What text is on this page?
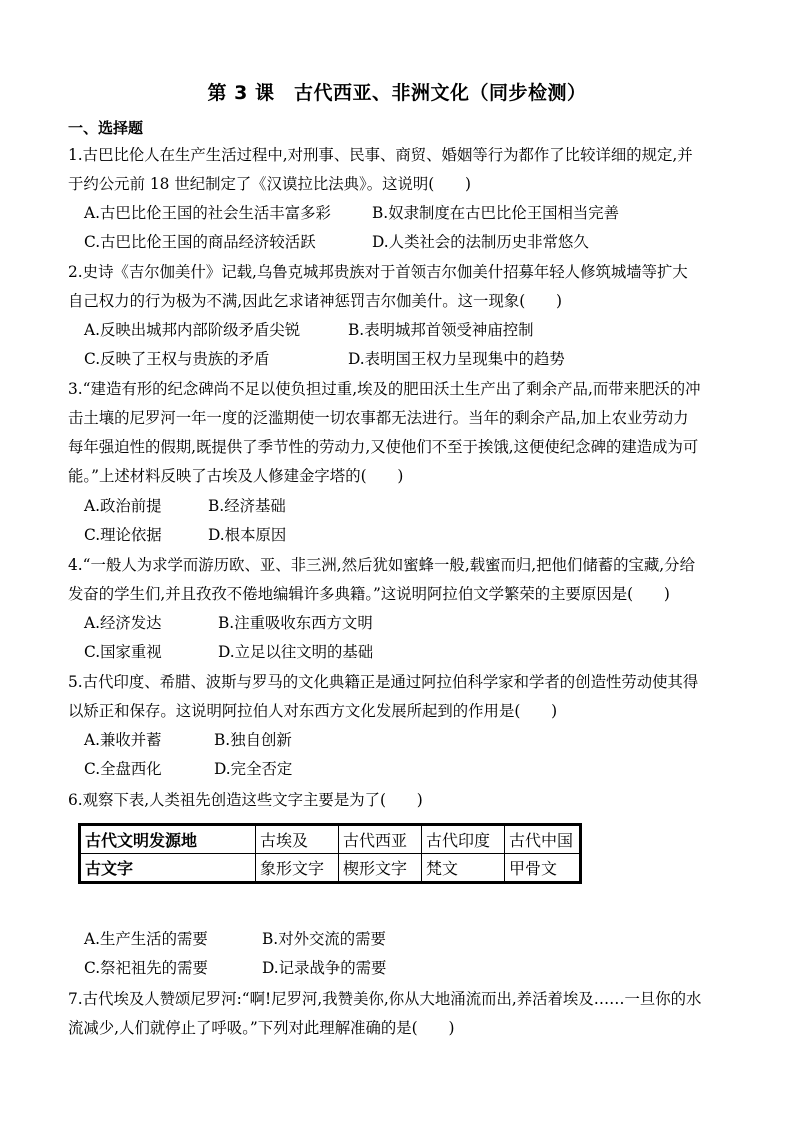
第 3 课　古代西亚、非洲文化（同步检测）
一、选择题
1.古巴比伦人在生产生活过程中,对刑事、民事、商贸、婚姻等行为都作了比较详细的规定,并
于约公元前 18 世纪制定了《汉谟拉比法典》。这说明(　　)
A.古巴比伦王国的社会生活丰富多彩	B.奴隶制度在古巴比伦王国相当完善
C.古巴比伦王国的商品经济较活跃	D.人类社会的法制历史非常悠久
2.史诗《吉尔伽美什》记载,乌鲁克城邦贵族对于首领吉尔伽美什招募年轻人修筑城墙等扩大
自己权力的行为极为不满,因此乞求诸神惩罚吉尔伽美什。这一现象(　　)
A.反映出城邦内部阶级矛盾尖锐	B.表明城邦首领受神庙控制
C.反映了王权与贵族的矛盾	D.表明国王权力呈现集中的趋势
3.“建造有形的纪念碑尚不足以使负担过重,埃及的肥田沃土生产出了剩余产品,而带来肥沃的冲
击土壤的尼罗河一年一度的泛滥期使一切农事都无法进行。当年的剩余产品,加上农业劳动力
每年强迫性的假期,既提供了季节性的劳动力,又使他们不至于挨饿,这便使纪念碑的建造成为可
能。”上述材料反映了古埃及人修建金字塔的(　　)
A.政治前提	B.经济基础
C.理论依据	D.根本原因
4.“一般人为求学而游历欧、亚、非三洲,然后犹如蜜蜂一般,载蜜而归,把他们储蓄的宝藏,分给
发奋的学生们,并且孜孜不倦地编辑许多典籍。”这说明阿拉伯文学繁荣的主要原因是(　　)
A.经济发达	B.注重吸收东西方文明
C.国家重视	D.立足以往文明的基础
5.古代印度、希腊、波斯与罗马的文化典籍正是通过阿拉伯科学家和学者的创造性劳动使其得
以矫正和保存。这说明阿拉伯人对东西方文化发展所起到的作用是(　　)
A.兼收并蓄	B.独自创新
C.全盘西化	D.完全否定
6.观察下表,人类祖先创造这些文字主要是为了(　　)
古代文明发源地	古埃及	古代西亚	古代印度	古代中国
古文字	象形文字	楔形文字	梵文	甲骨文
A.生产生活的需要	B.对外交流的需要
C.祭祀祖先的需要	D.记录战争的需要
7.古代埃及人赞颂尼罗河:“啊!尼罗河,我赞美你,你从大地涌流而出,养活着埃及……一旦你的水
流减少,人们就停止了呼吸。”下列对此理解准确的是(　　)
